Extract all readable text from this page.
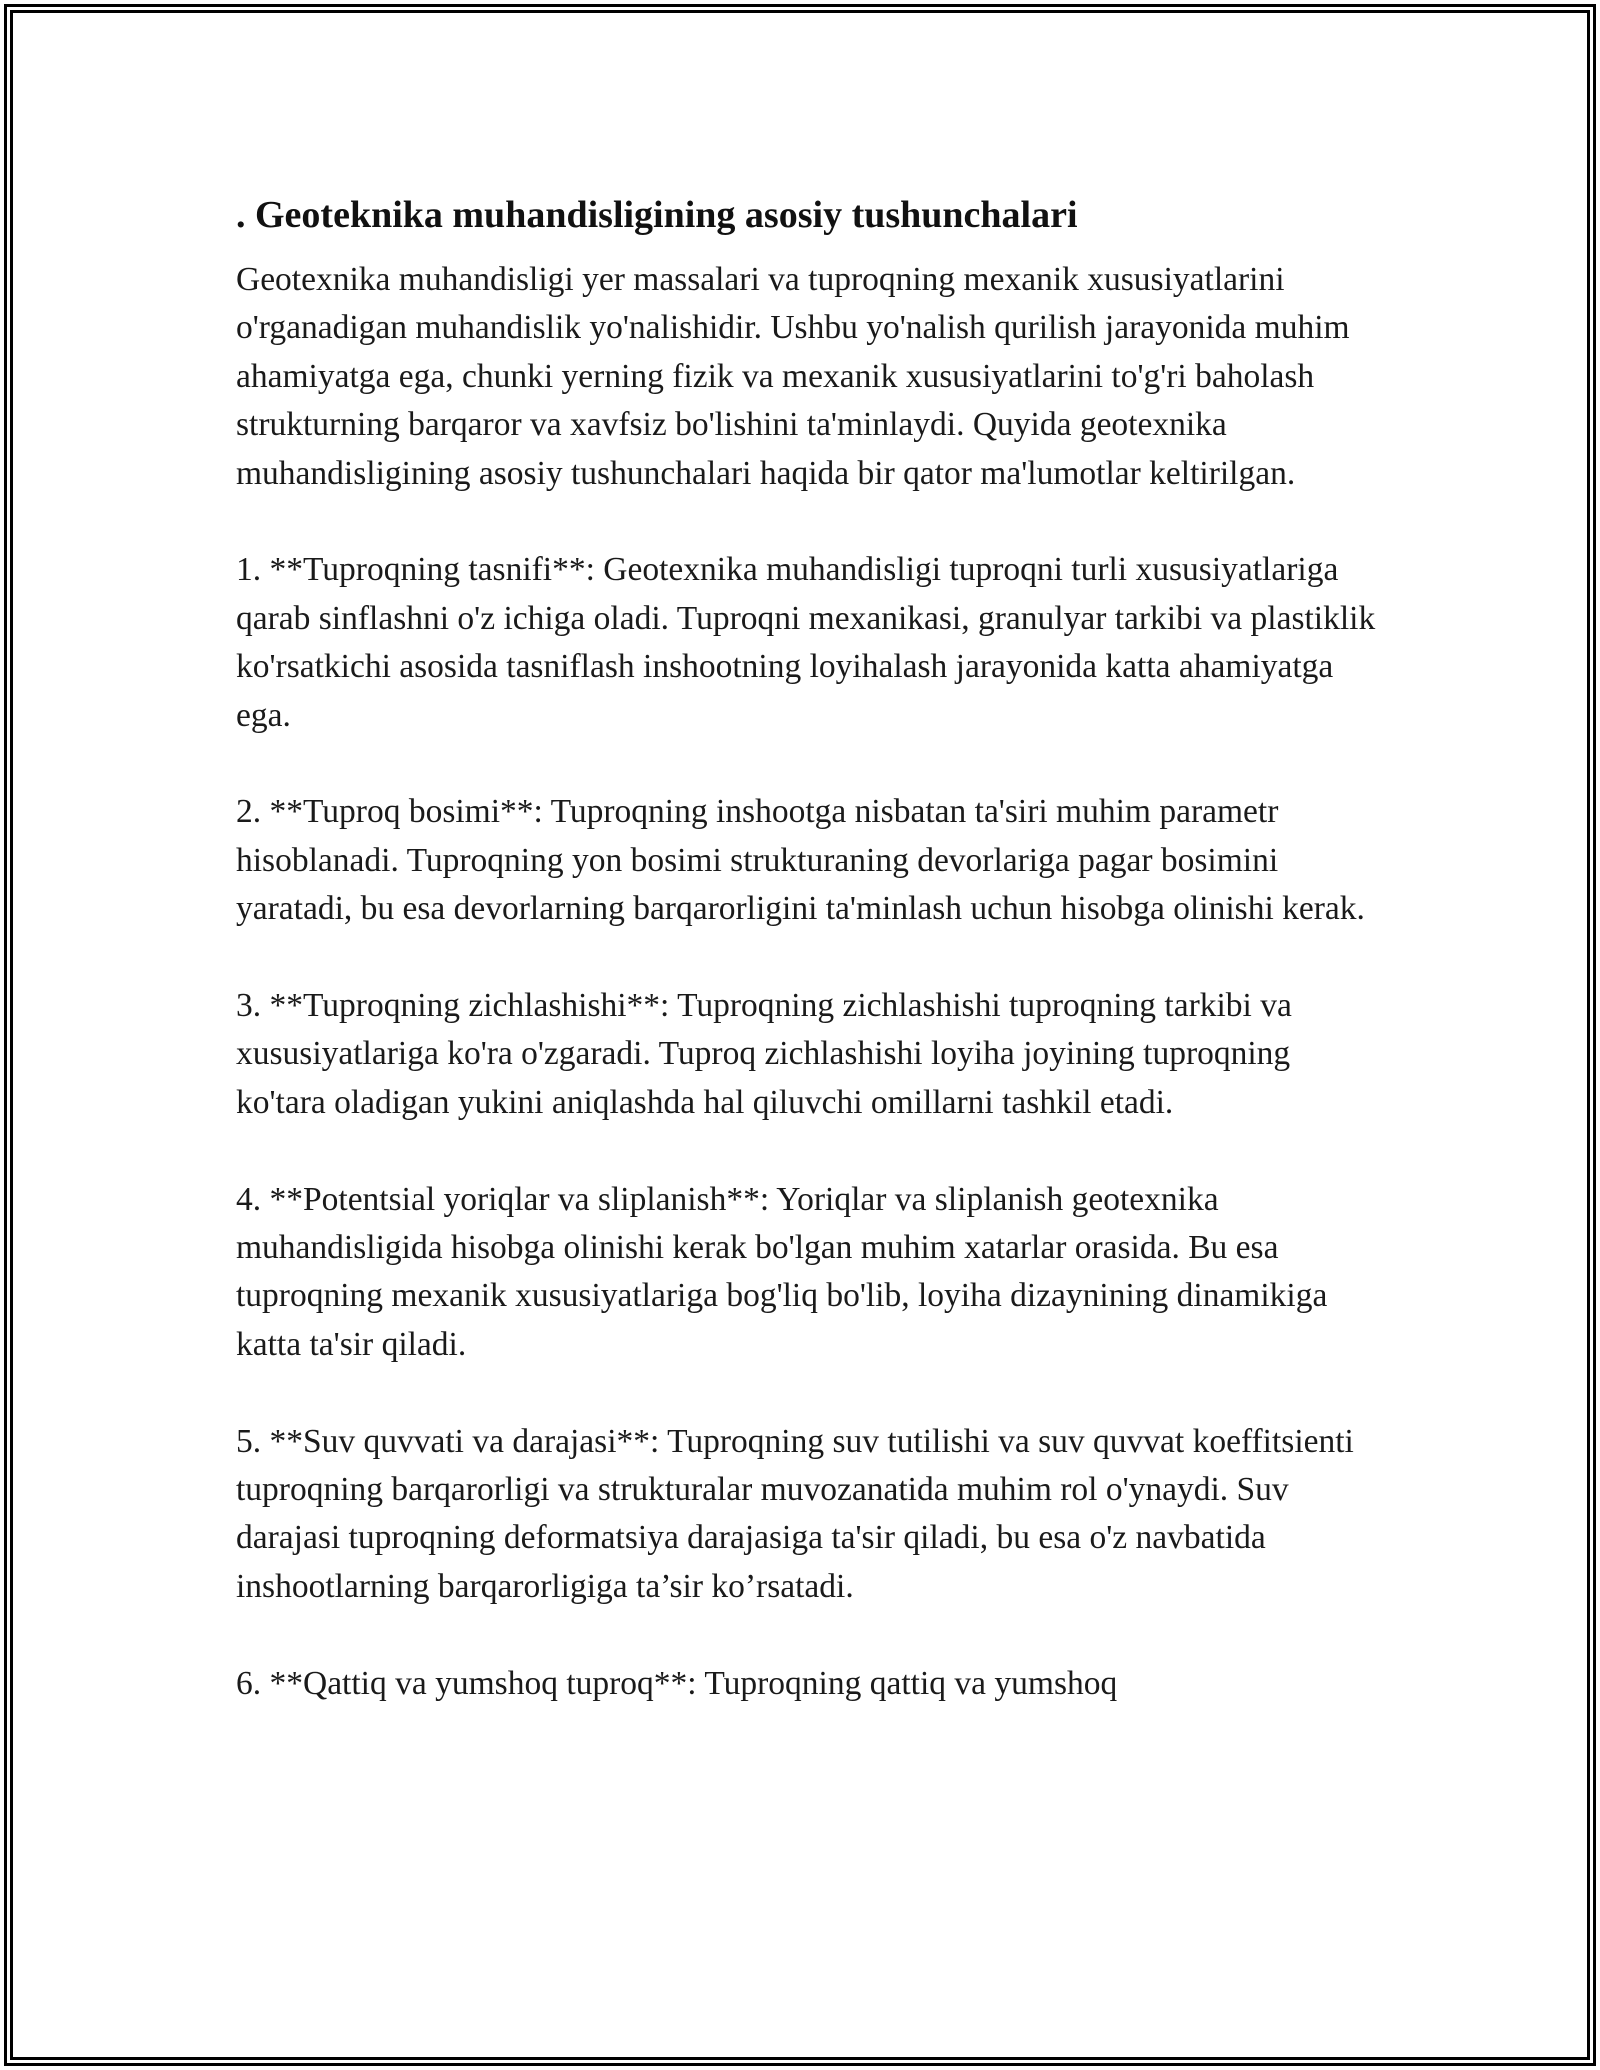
. Geoteknika muhandisligining asosiy tushunchalari

Geotexnika muhandisligi yer massalari va tuproqning mexanik xususiyatlarini o'rganadigan muhandislik yo'nalishidir. Ushbu yo'nalish qurilish jarayonida muhim ahamiyatga ega, chunki yerning fizik va mexanik xususiyatlarini to'g'ri baholash strukturning barqaror va xavfsiz bo'lishini ta'minlaydi. Quyida geotexnika muhandisligining asosiy tushunchalari haqida bir qator ma'lumotlar keltirilgan.

1. **Tuproqning tasnifi**: Geotexnika muhandisligi tuproqni turli xususiyatlariga qarab sinflashni o'z ichiga oladi. Tuproqni mexanikasi, granulyar tarkibi va plastiklik ko'rsatkichi asosida tasniflash inshootning loyihalash jarayonida katta ahamiyatga ega.

2. **Tuproq bosimi**: Tuproqning inshootga nisbatan ta'siri muhim parametr hisoblanadi. Tuproqning yon bosimi strukturaning devorlariga pagar bosimini yaratadi, bu esa devorlarning barqarorligini ta'minlash uchun hisobga olinishi kerak.

3. **Tuproqning zichlashishi**: Tuproqning zichlashishi tuproqning tarkibi va xususiyatlariga ko'ra o'zgaradi. Tuproq zichlashishi loyiha joyining tuproqning ko'tara oladigan yukini aniqlashda hal qiluvchi omillarni tashkil etadi.

4. **Potentsial yoriqlar va sliplanish**: Yoriqlar va sliplanish geotexnika muhandisligida hisobga olinishi kerak bo'lgan muhim xatarlar orasida. Bu esa tuproqning mexanik xususiyatlariga bog'liq bo'lib, loyiha dizaynining dinamikiga katta ta'sir qiladi.

5. **Suv quvvati va darajasi**: Tuproqning suv tutilishi va suv quvvat koeffitsienti tuproqning barqarorligi va strukturalar muvozanatida muhim rol o'ynaydi. Suv darajasi tuproqning deformatsiya darajasiga ta'sir qiladi, bu esa o'z navbatida inshootlarning barqarorligiga ta’sir ko’rsatadi.

6. **Qattiq va yumshoq tuproq**: Tuproqning qattiq va yumshoq
